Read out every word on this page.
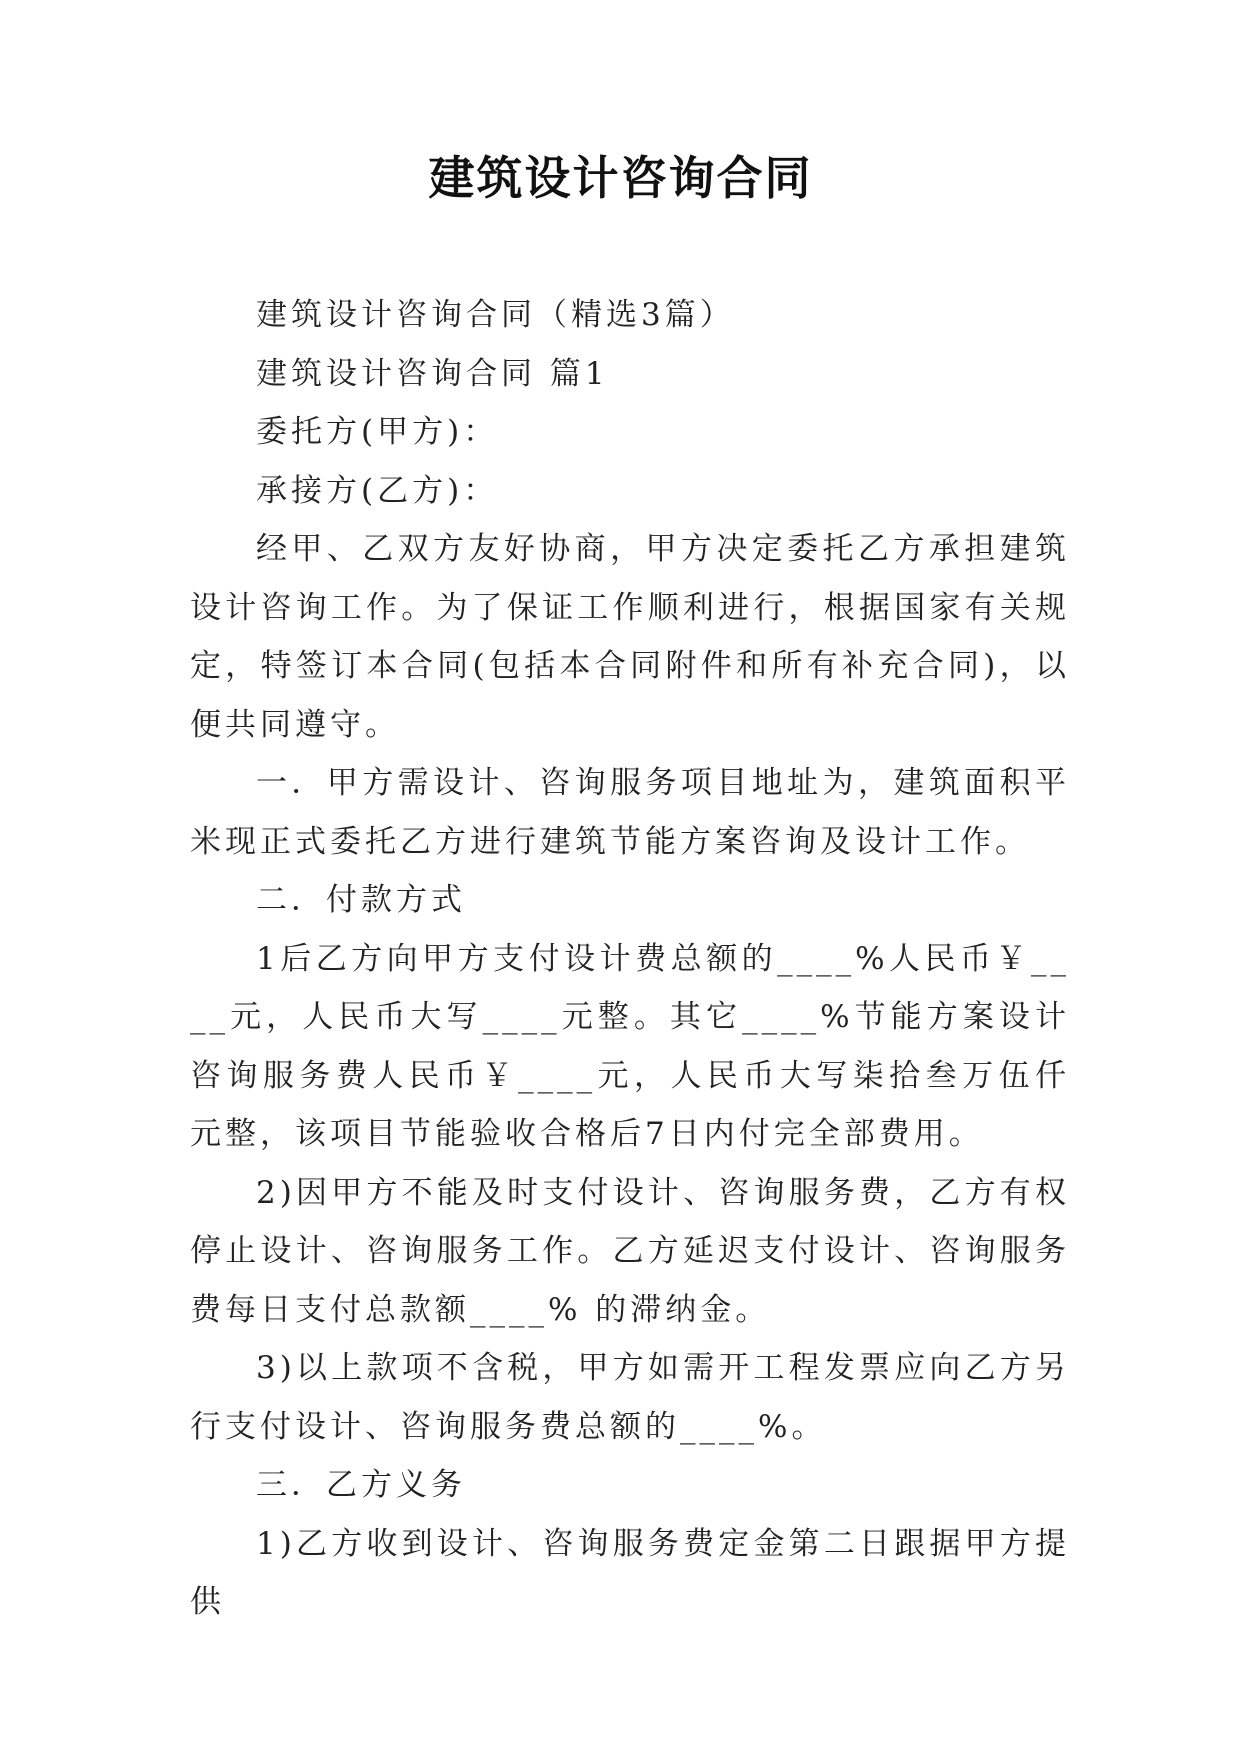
建筑设计咨询合同

建筑设计咨询合同（精选3篇）

建筑设计咨询合同 篇1

委托方(甲方)：

承接方(乙方)：

经甲、乙双方友好协商，甲方决定委托乙方承担建筑设计咨询工作。为了保证工作顺利进行，根据国家有关规定，特签订本合同(包括本合同附件和所有补充合同)，以便共同遵守。

一．甲方需设计、咨询服务项目地址为，建筑面积平米现正式委托乙方进行建筑节能方案咨询及设计工作。

二．付款方式

1后乙方向甲方支付设计费总额的____%人民币￥____元，人民币大写____元整。其它____%节能方案设计咨询服务费人民币￥____元，人民币大写柒拾叁万伍仟元整，该项目节能验收合格后7日内付完全部费用。

2)因甲方不能及时支付设计、咨询服务费，乙方有权停止设计、咨询服务工作。乙方延迟支付设计、咨询服务费每日支付总款额____% 的滞纳金。

3)以上款项不含税，甲方如需开工程发票应向乙方另行支付设计、咨询服务费总额的____%。

三．乙方义务

1)乙方收到设计、咨询服务费定金第二日跟据甲方提供
